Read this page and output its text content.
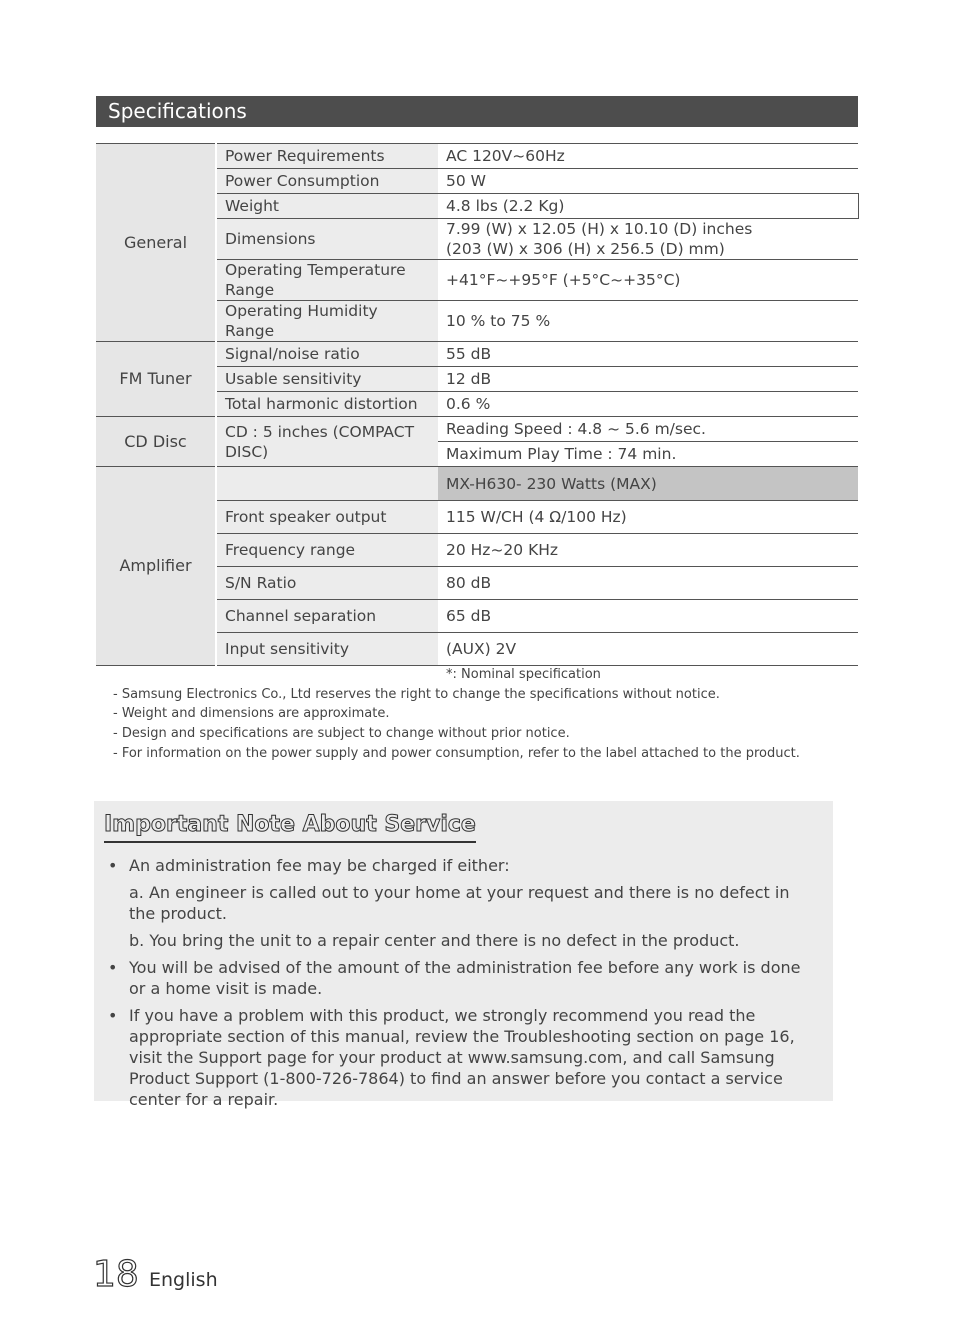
Specifications
General	Power Requirements	AC 120V~60Hz
	Power Consumption	50 W
	Weight	4.8 lbs (2.2 Kg)
	Dimensions	7.99 (W) x 12.05 (H) x 10.10 (D) inches
(203 (W) x 306 (H) x 256.5 (D) mm)

	Operating Temperature Range	+41°F~+95°F (+5°C~+35°C)
	Operating Humidity Range	10 % to 75 %
FM Tuner	Signal/noise ratio	55 dB
	Usable sensitivity	12 dB
	Total harmonic distortion	0.6 %
CD Disc	CD : 5 inches (COMPACT DISC)	Reading Speed : 4.8 ~ 5.6 m/sec.
		Maximum Play Time : 74 min.
Amplifier		MX-H630- 230 Watts (MAX)
	Front speaker output	115 W/CH (4 Ω/100 Hz)
	Frequency range	20 Hz~20 KHz
	S/N Ratio	80 dB
	Channel separation	65 dB
	Input sensitivity	(AUX) 2V
*: Nominal specification
- Samsung Electronics Co., Ltd reserves the right to change the specifications without notice.
- Weight and dimensions are approximate.
- Design and specifications are subject to change without prior notice.
- For information on the power supply and power consumption, refer to the label attached to the product.
Important Note About Service
• An administration fee may be charged if either:
a. An engineer is called out to your home at your request and there is no defect in the product.
b. You bring the unit to a repair center and there is no defect in the product.
• You will be advised of the amount of the administration fee before any work is done or a home visit is made.
• If you have a problem with this product, we strongly recommend you read the appropriate section of this manual, review the Troubleshooting section on page 16, visit the Support page for your product at www.samsung.com, and call Samsung Product Support (1-800-726-7864) to find an answer before you contact a service center for a repair.
18 English
